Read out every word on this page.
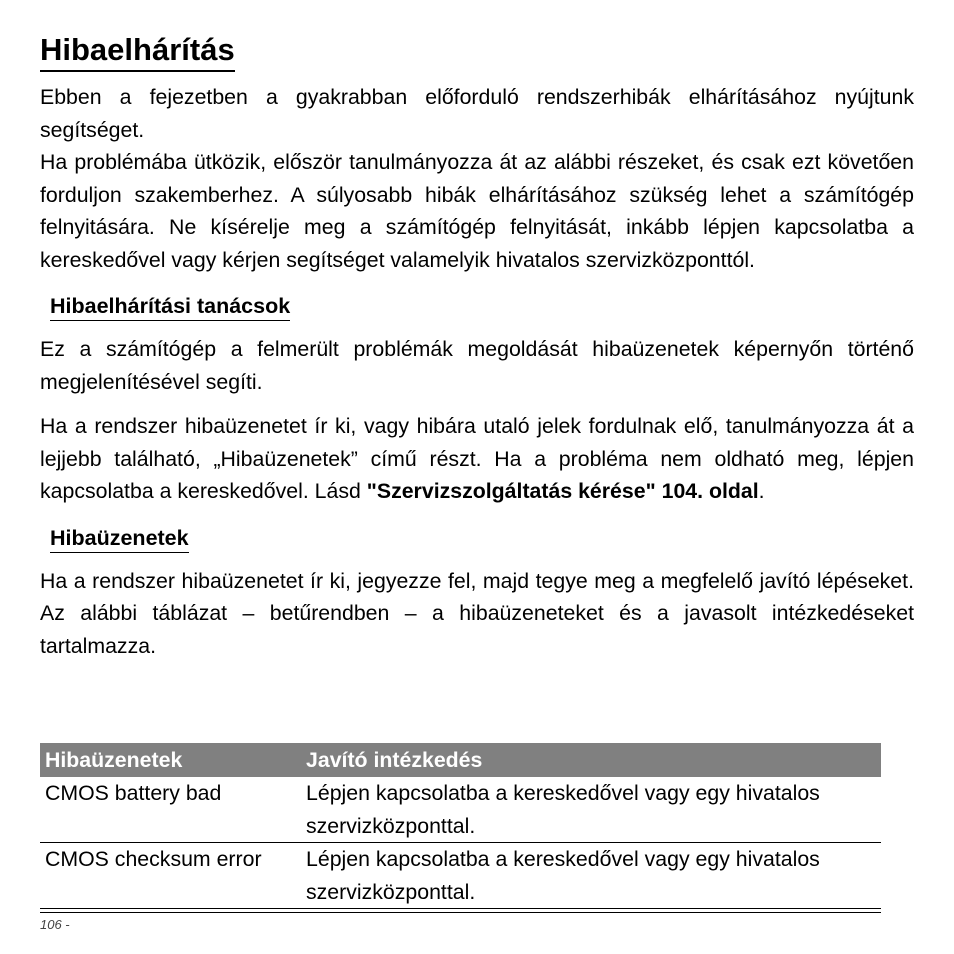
Hibaelhárítás

Ebben a fejezetben a gyakrabban előforduló rendszerhibák elhárításához nyújtunk segítséget.

Ha problémába ütközik, először tanulmányozza át az alábbi részeket, és csak ezt követően forduljon szakemberhez. A súlyosabb hibák elhárításához szükség lehet a számítógép felnyitására. Ne kísérelje meg a számítógép felnyitását, inkább lépjen kapcsolatba a kereskedővel vagy kérjen segítséget valamelyik hivatalos szervizközponttól.

Hibaelhárítási tanácsok

Ez a számítógép a felmerült problémák megoldását hibaüzenetek képernyőn történő megjelenítésével segíti.

Ha a rendszer hibaüzenetet ír ki, vagy hibára utaló jelek fordulnak elő, tanulmányozza át a lejjebb található, „Hibaüzenetek” című részt. Ha a probléma nem oldható meg, lépjen kapcsolatba a kereskedővel. Lásd "Szervizszolgáltatás kérése" 104. oldal.

Hibaüzenetek

Ha a rendszer hibaüzenetet ír ki, jegyezze fel, majd tegye meg a megfelelő javító lépéseket. Az alábbi táblázat – betűrendben – a hibaüzeneteket és a javasolt intézkedéseket tartalmazza.

Hibaüzenetek	Javító intézkedés
CMOS battery bad	Lépjen kapcsolatba a kereskedővel vagy egy hivatalos szervizközponttal.
CMOS checksum error	Lépjen kapcsolatba a kereskedővel vagy egy hivatalos szervizközponttal.
106 -
